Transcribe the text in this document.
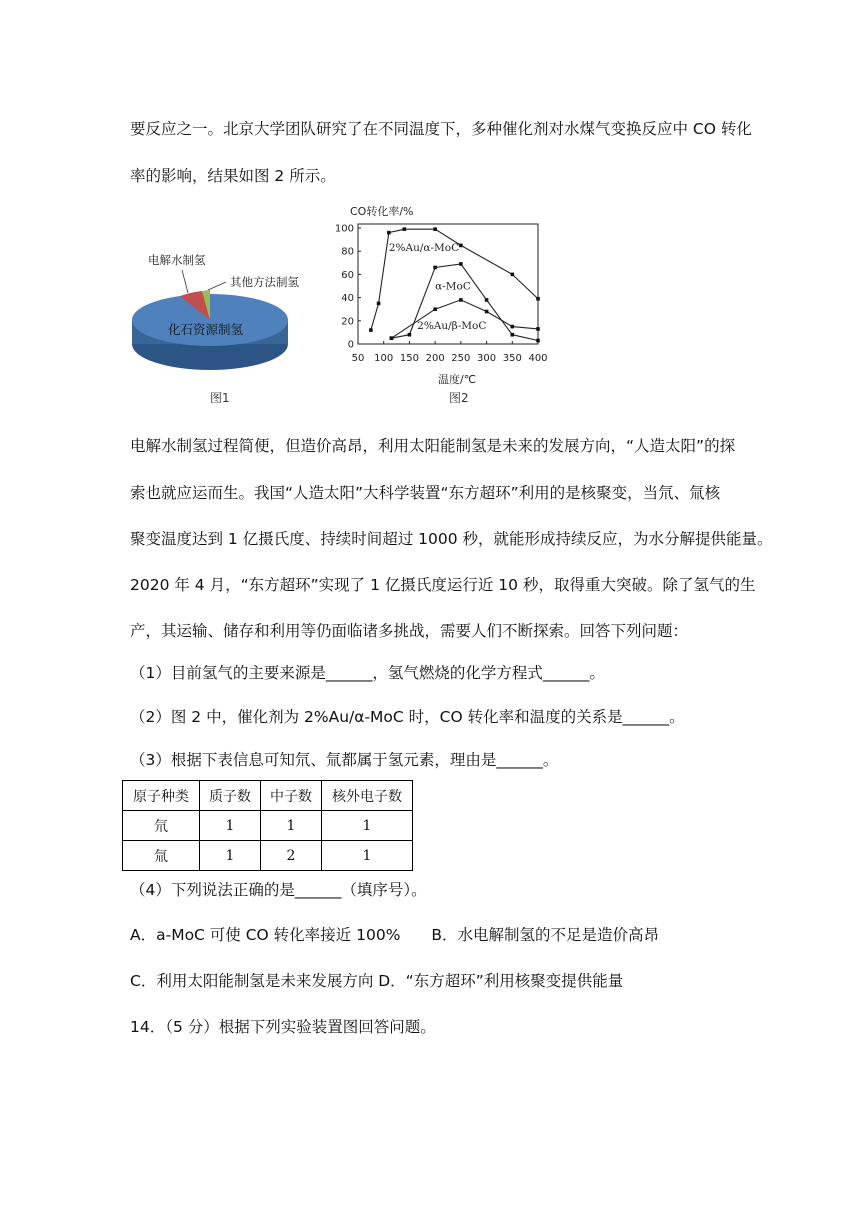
要反应之一。北京大学团队研究了在不同温度下，多种催化剂对水煤气变换反应中 CO 转化
率的影响，结果如图 2 所示。
电解水制氢
其他方法制氢
化石资源制氢
图1
CO转化率/%
0
20
40
60
80
100
50 100 150 200 250 300 350 400
2%Au/α-MoC
α-MoC
2%Au/β-MoC
温度/℃
图2
电解水制氢过程简便，但造价高昂，利用太阳能制氢是未来的发展方向，“人造太阳”的探
索也就应运而生。我国“人造太阳”大科学装置“东方超环”利用的是核聚变，当氘、氚核
聚变温度达到 1 亿摄氏度、持续时间超过 1000 秒，就能形成持续反应，为水分解提供能量。
2020 年 4 月，“东方超环”实现了 1 亿摄氏度运行近 10 秒，取得重大突破。除了氢气的生
产，其运输、储存和利用等仍面临诸多挑战，需要人们不断探索。回答下列问题：
（1）目前氢气的主要来源是______，氢气燃烧的化学方程式______。
（2）图 2 中，催化剂为 2%Au/α-MoC 时，CO 转化率和温度的关系是______。
（3）根据下表信息可知氘、氚都属于氢元素，理由是______。
原子种类	质子数	中子数	核外电子数
氘	1	1	1
氚	1	2	1
（4）下列说法正确的是______（填序号）。
A．a-MoC 可使 CO 转化率接近 100%　　B．水电解制氢的不足是造价高昂
C．利用太阳能制氢是未来发展方向 D．“东方超环”利用核聚变提供能量
14．（5 分）根据下列实验装置图回答问题。
